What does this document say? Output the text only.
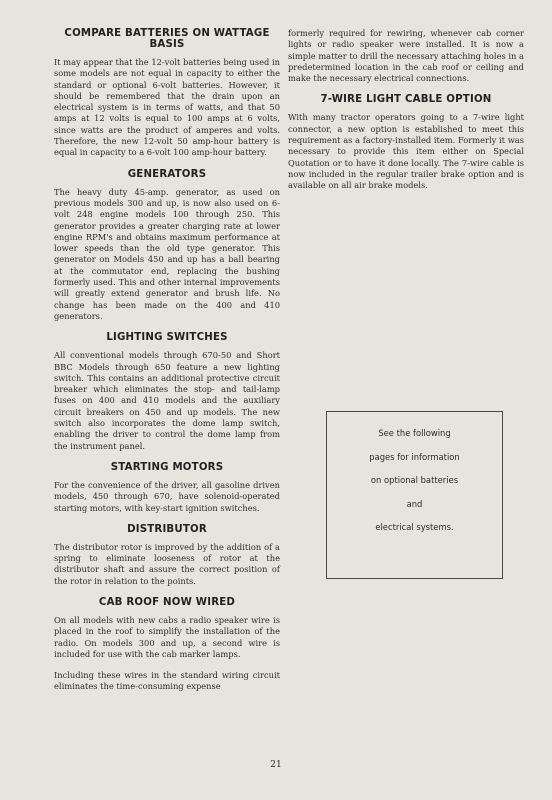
COMPARE BATTERIES ON WATTAGE BASIS

It may appear that the 12-volt batteries being used in some models are not equal in capacity to either the standard or optional 6-volt batteries. However, it should be remembered that the drain upon an electrical system is in terms of watts, and that 50 amps at 12 volts is equal to 100 amps at 6 volts, since watts are the product of amperes and volts. Therefore, the new 12-volt 50 amp-hour battery is equal in capacity to a 6-volt 100 amp-hour battery.

GENERATORS

The heavy duty 45-amp. generator, as used on previous models 300 and up, is now also used on 6-volt 248 engine models 100 through 250. This generator provides a greater charging rate at lower engine RPM's and obtains maximum performance at lower speeds than the old type generator. This generator on Models 450 and up has a ball bearing at the commutator end, replacing the bushing formerly used. This and other internal improvements will greatly extend generator and brush life. No change has been made on the 400 and 410 generators.

LIGHTING SWITCHES

All conventional models through 670-50 and Short BBC Models through 650 feature a new lighting switch. This contains an additional protective circuit breaker which eliminates the stop- and tail-lamp fuses on 400 and 410 models and the auxiliary circuit breakers on 450 and up models. The new switch also incorporates the dome lamp switch, enabling the driver to control the dome lamp from the instrument panel.

STARTING MOTORS

For the convenience of the driver, all gasoline driven models, 450 through 670, have solenoid-operated starting motors, with key-start ignition switches.

DISTRIBUTOR

The distributor rotor is improved by the addition of a spring to eliminate looseness of rotor at the distributor shaft and assure the correct position of the rotor in relation to the points.

CAB ROOF NOW WIRED

On all models with new cabs a radio speaker wire is placed in the roof to simplify the installation of the radio. On models 300 and up, a second wire is included for use with the cab marker lamps.

Including these wires in the standard wiring circuit eliminates the time-consuming expense

formerly required for rewiring, whenever cab corner lights or radio speaker were installed. It is now a simple matter to drill the necessary attaching holes in a predetermined location in the cab roof or ceiling and make the necessary electrical connections.

7-WIRE LIGHT CABLE OPTION

With many tractor operators going to a 7-wire light connector, a new option is established to meet this requirement as a factory-installed item. Formerly it was necessary to provide this item either on Special Quotation or to have it done locally. The 7-wire cable is now included in the regular trailer brake option and is available on all air brake models.

See the following
pages for information
on optional batteries
and
electrical systems.
21
